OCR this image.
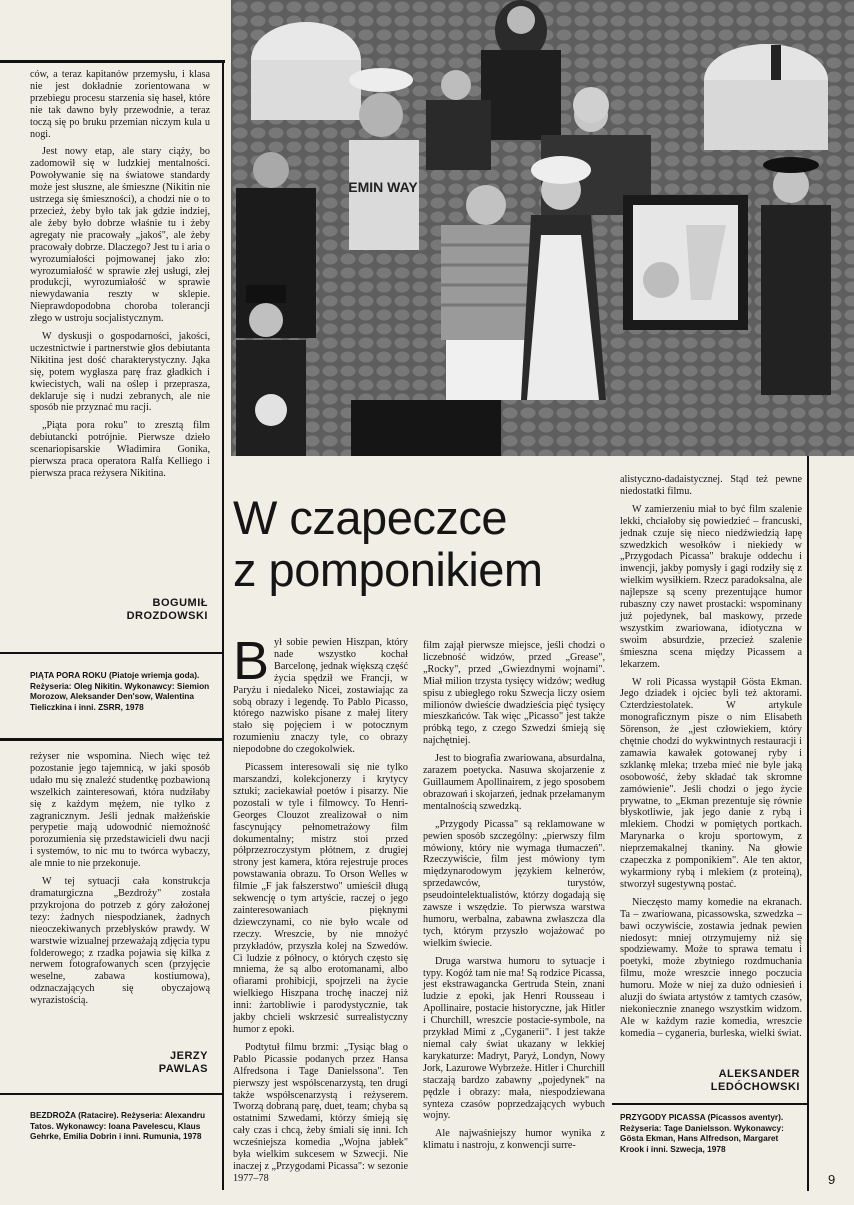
ców, a teraz kapitanów przemysłu, i klasa nie jest dokładnie zorientowana w przebiegu procesu starzenia się haseł, które nie tak dawno były przewodnie, a teraz toczą się po bruku przemian niczym kula u nogi.

Jest nowy etap, ale stary ciąży, bo zadomowił się w ludzkiej mentalności. Powoływanie się na światowe standardy może jest słuszne, ale śmieszne (Nikitin nie ustrzega się śmieszności), a chodzi nie o to przecież, żeby było tak jak gdzie indziej, ale żeby było dobrze właśnie tu i żeby agregaty nie pracowały „jakoś", ale żeby pracowały dobrze. Dlaczego? Jest tu i aria o wyrozumiałości pojmowanej jako zło: wyrozumiałość w sprawie złej usługi, złej produkcji, wyrozumiałość w sprawie niewydawania reszty w sklepie. Nieprawdopodobna choroba tolerancji złego w ustroju socjalistycznym.

W dyskusji o gospodarności, jakości, uczestnictwie i partnerstwie głos debiutanta Nikitina jest dość charakterystyczny. Jąka się, potem wygłasza parę fraz gładkich i kwiecistych, wali na oślep i przeprasza, deklaruje się i nudzi zebranych, ale nie sposób nie przyznać mu racji.

„Piąta pora roku" to zresztą film debiutancki potrójnie. Pierwsze dzieło scenariopisarskie Władimira Gonika, pierwsza praca operatora Ralfa Kelliego i pierwsza praca reżysera Nikitina.

BOGUMIŁ
DROZDOWSKI
PIĄTA PORA ROKU (Piatoje wriemja goda). Reżyseria: Oleg Nikitin. Wykonawcy: Siemion Morozow, Aleksander Den'sow, Walentina Tieliczkina i inni. ZSRR, 1978

reżyser nie wspomina. Niech więc też pozostanie jego tajemnicą, w jaki sposób udało mu się znaleźć studentkę pozbawioną wszelkich zainteresowań, która nudziłaby się z każdym mężem, nie tylko z zagranicznym. Jeśli jednak małżeńskie perypetie mają udowodnić niemożność porozumienia się przedstawicieli dwu nacji i systemów, to nic mu to twórca wybaczy, ale mnie to nie przekonuje.

W tej sytuacji cała konstrukcja dramaturgiczna „Bezdroży" została przykrojona do potrzeb z góry założonej tezy: żadnych niespodzianek, żadnych nieoczekiwanych przebłysków prawdy. W warstwie wizualnej przeważają zdjęcia typu folderowego; z rzadka pojawia się kilka z nerwem fotografowanych scen (przyjęcie weselne, zabawa kostiumowa), odznaczających się obyczajową wyrazistością.

JERZY
PAWLAS
BEZDROŻA (Ratacire). Reżyseria: Alexandru Tatos. Wykonawcy: Ioana Pavelescu, Klaus Gehrke, Emilia Dobrin i inni. Rumunia, 1978
EMIN WAY
W czapeczce
z pomponikiem

Był sobie pewien Hiszpan, który nade wszystko kochał Barcelonę, jednak większą część życia spędził we Francji, w Paryżu i niedaleko Nicei, zostawiając za sobą obrazy i legendę. To Pablo Picasso, którego nazwisko pisane z małej litery stało się pojęciem i w potocznym rozumieniu znaczy tyle, co obrazy niepodobne do czegokolwiek.

Picassem interesowali się nie tylko marszandzi, kolekcjonerzy i krytycy sztuki; zaciekawiał poetów i pisarzy. Nie pozostali w tyle i filmowcy. To Henri-Georges Clouzot zrealizował o nim fascynujący pełnometrażowy film dokumentalny; mistrz stoi przed półprzezroczystym płótnem, z drugiej strony jest kamera, która rejestruje proces powstawania obrazu. To Orson Welles w filmie „F jak fałszerstwo" umieścił długą sekwencję o tym artyście, raczej o jego zainteresowaniach pięknymi dziewczynami, co nie było wcale od rzeczy. Wreszcie, by nie mnożyć przykładów, przyszła kolej na Szwedów. Ci ludzie z północy, o których często się mniema, że są albo erotomanami, albo ofiarami prohibicji, spojrzeli na życie wielkiego Hiszpana trochę inaczej niż inni: żartobliwie i parodystycznie, tak jakby chcieli wskrzesić surrealistyczny humor z epoki.

Podtytuł filmu brzmi: „Tysiąc błag o Pablo Picassie podanych przez Hansa Alfredsona i Tage Danielssona". Ten pierwszy jest współscenarzystą, ten drugi także współscenarzystą i reżyserem. Tworzą dobraną parę, duet, team; chyba są ostatnimi Szwedami, którzy śmieją się cały czas i chcą, żeby śmiali się inni. Ich wcześniejsza komedia „Wojna jabłek" była wielkim sukcesem w Szwecji. Nie inaczej z „Przygodami Picassa": w sezonie 1977–78

film zajął pierwsze miejsce, jeśli chodzi o liczebność widzów, przed „Grease", „Rocky", przed „Gwiezdnymi wojnami". Miał milion trzysta tysięcy widzów; według spisu z ubiegłego roku Szwecja liczy osiem milionów dwieście dwadzieścia pięć tysięcy mieszkańców. Tak więc „Picasso" jest także próbką tego, z czego Szwedzi śmieją się najchętniej.

Jest to biografia zwariowana, absurdalna, zarazem poetycka. Nasuwa skojarzenie z Guillaumem Apollinairem, z jego sposobem obrazowań i skojarzeń, jednak przełamanym mentalnością szwedzką.

„Przygody Picassa" są reklamowane w pewien sposób szczególny: „pierwszy film mówiony, który nie wymaga tłumaczeń". Rzeczywiście, film jest mówiony tym międzynarodowym językiem kelnerów, sprzedawców, turystów, pseudointelektualistów, którzy dogadają się zawsze i wszędzie. To pierwsza warstwa humoru, werbalna, zabawna zwłaszcza dla tych, którym przyszło wojażować po wielkim świecie.

Druga warstwa humoru to sytuacje i typy. Kogóż tam nie ma! Są rodzice Picassa, jest ekstrawagancka Gertruda Stein, znani ludzie z epoki, jak Henri Rousseau i Apollinaire, postacie historyczne, jak Hitler i Churchill, wreszcie postacie-symbole, na przykład Mimi z „Cyganerii". I jest także niemal cały świat ukazany w lekkiej karykaturze: Madryt, Paryż, Londyn, Nowy Jork, Lazurowe Wybrzeże. Hitler i Churchill staczają bardzo zabawny „pojedynek" na pędzle i obrazy: mała, niespodziewana synteza czasów poprzedzających wybuch wojny.

Ale najwaśniejszy humor wynika z klimatu i nastroju, z konwencji surre-

alistyczno-dadaistycznej. Stąd też pewne niedostatki filmu.

W zamierzeniu miał to być film szalenie lekki, chciałoby się powiedzieć – francuski, jednak czuje się nieco niedźwiedzią łapę szwedzkich wesołków i niekiedy w „Przygodach Picassa" brakuje oddechu i inwencji, jakby pomysły i gagi rodziły się z wielkim wysiłkiem. Rzecz paradoksalna, ale najlepsze są sceny prezentujące humor rubaszny czy nawet prostacki: wspominany już pojedynek, bal maskowy, przede wszystkim zwariowana, idiotyczna w swoim absurdzie, przecież szalenie śmieszna scena między Picassem a lekarzem.

W roli Picassa wystąpił Gösta Ekman. Jego dziadek i ojciec byli też aktorami. Czterdziestolatek. W artykule monograficznym pisze o nim Elisabeth Sörenson, że „jest człowiekiem, który chętnie chodzi do wykwintnych restauracji i zamawia kawałek gotowanej ryby i szklankę mleka; trzeba mieć nie byle jaką osobowość, żeby składać tak skromne zamówienie". Jeśli chodzi o jego życie prywatne, to „Ekman prezentuje się równie błyskotliwie, jak jego danie z rybą i mlekiem. Chodzi w pomiętych portkach. Marynarka o kroju sportowym, z nieprzemakalnej tkaniny. Na głowie czapeczka z pomponikiem". Ale ten aktor, wykarmiony rybą i mlekiem (z proteiną), stworzył sugestywną postać.

Nieczęsto mamy komedie na ekranach. Ta – zwariowana, picassowska, szwedzka – bawi oczywiście, zostawia jednak pewien niedosyt: mniej otrzymujemy niż się spodziewamy. Może to sprawa tematu i poetyki, może zbytniego rozdmuchania filmu, może wreszcie innego poczucia humoru. Może w niej za dużo odniesień i aluzji do świata artystów z tamtych czasów, niekoniecznie znanego wszystkim widzom. Ale w każdym razie komedia, wreszcie komedia – cyganeria, burleska, wielki świat.

ALEKSANDER
LEDÓCHOWSKI
PRZYGODY PICASSA (Picassos aventyr). Reżyseria: Tage Danielsson. Wykonawcy: Gösta Ekman, Hans Alfredson, Margaret Krook i inni. Szwecja, 1978
9
